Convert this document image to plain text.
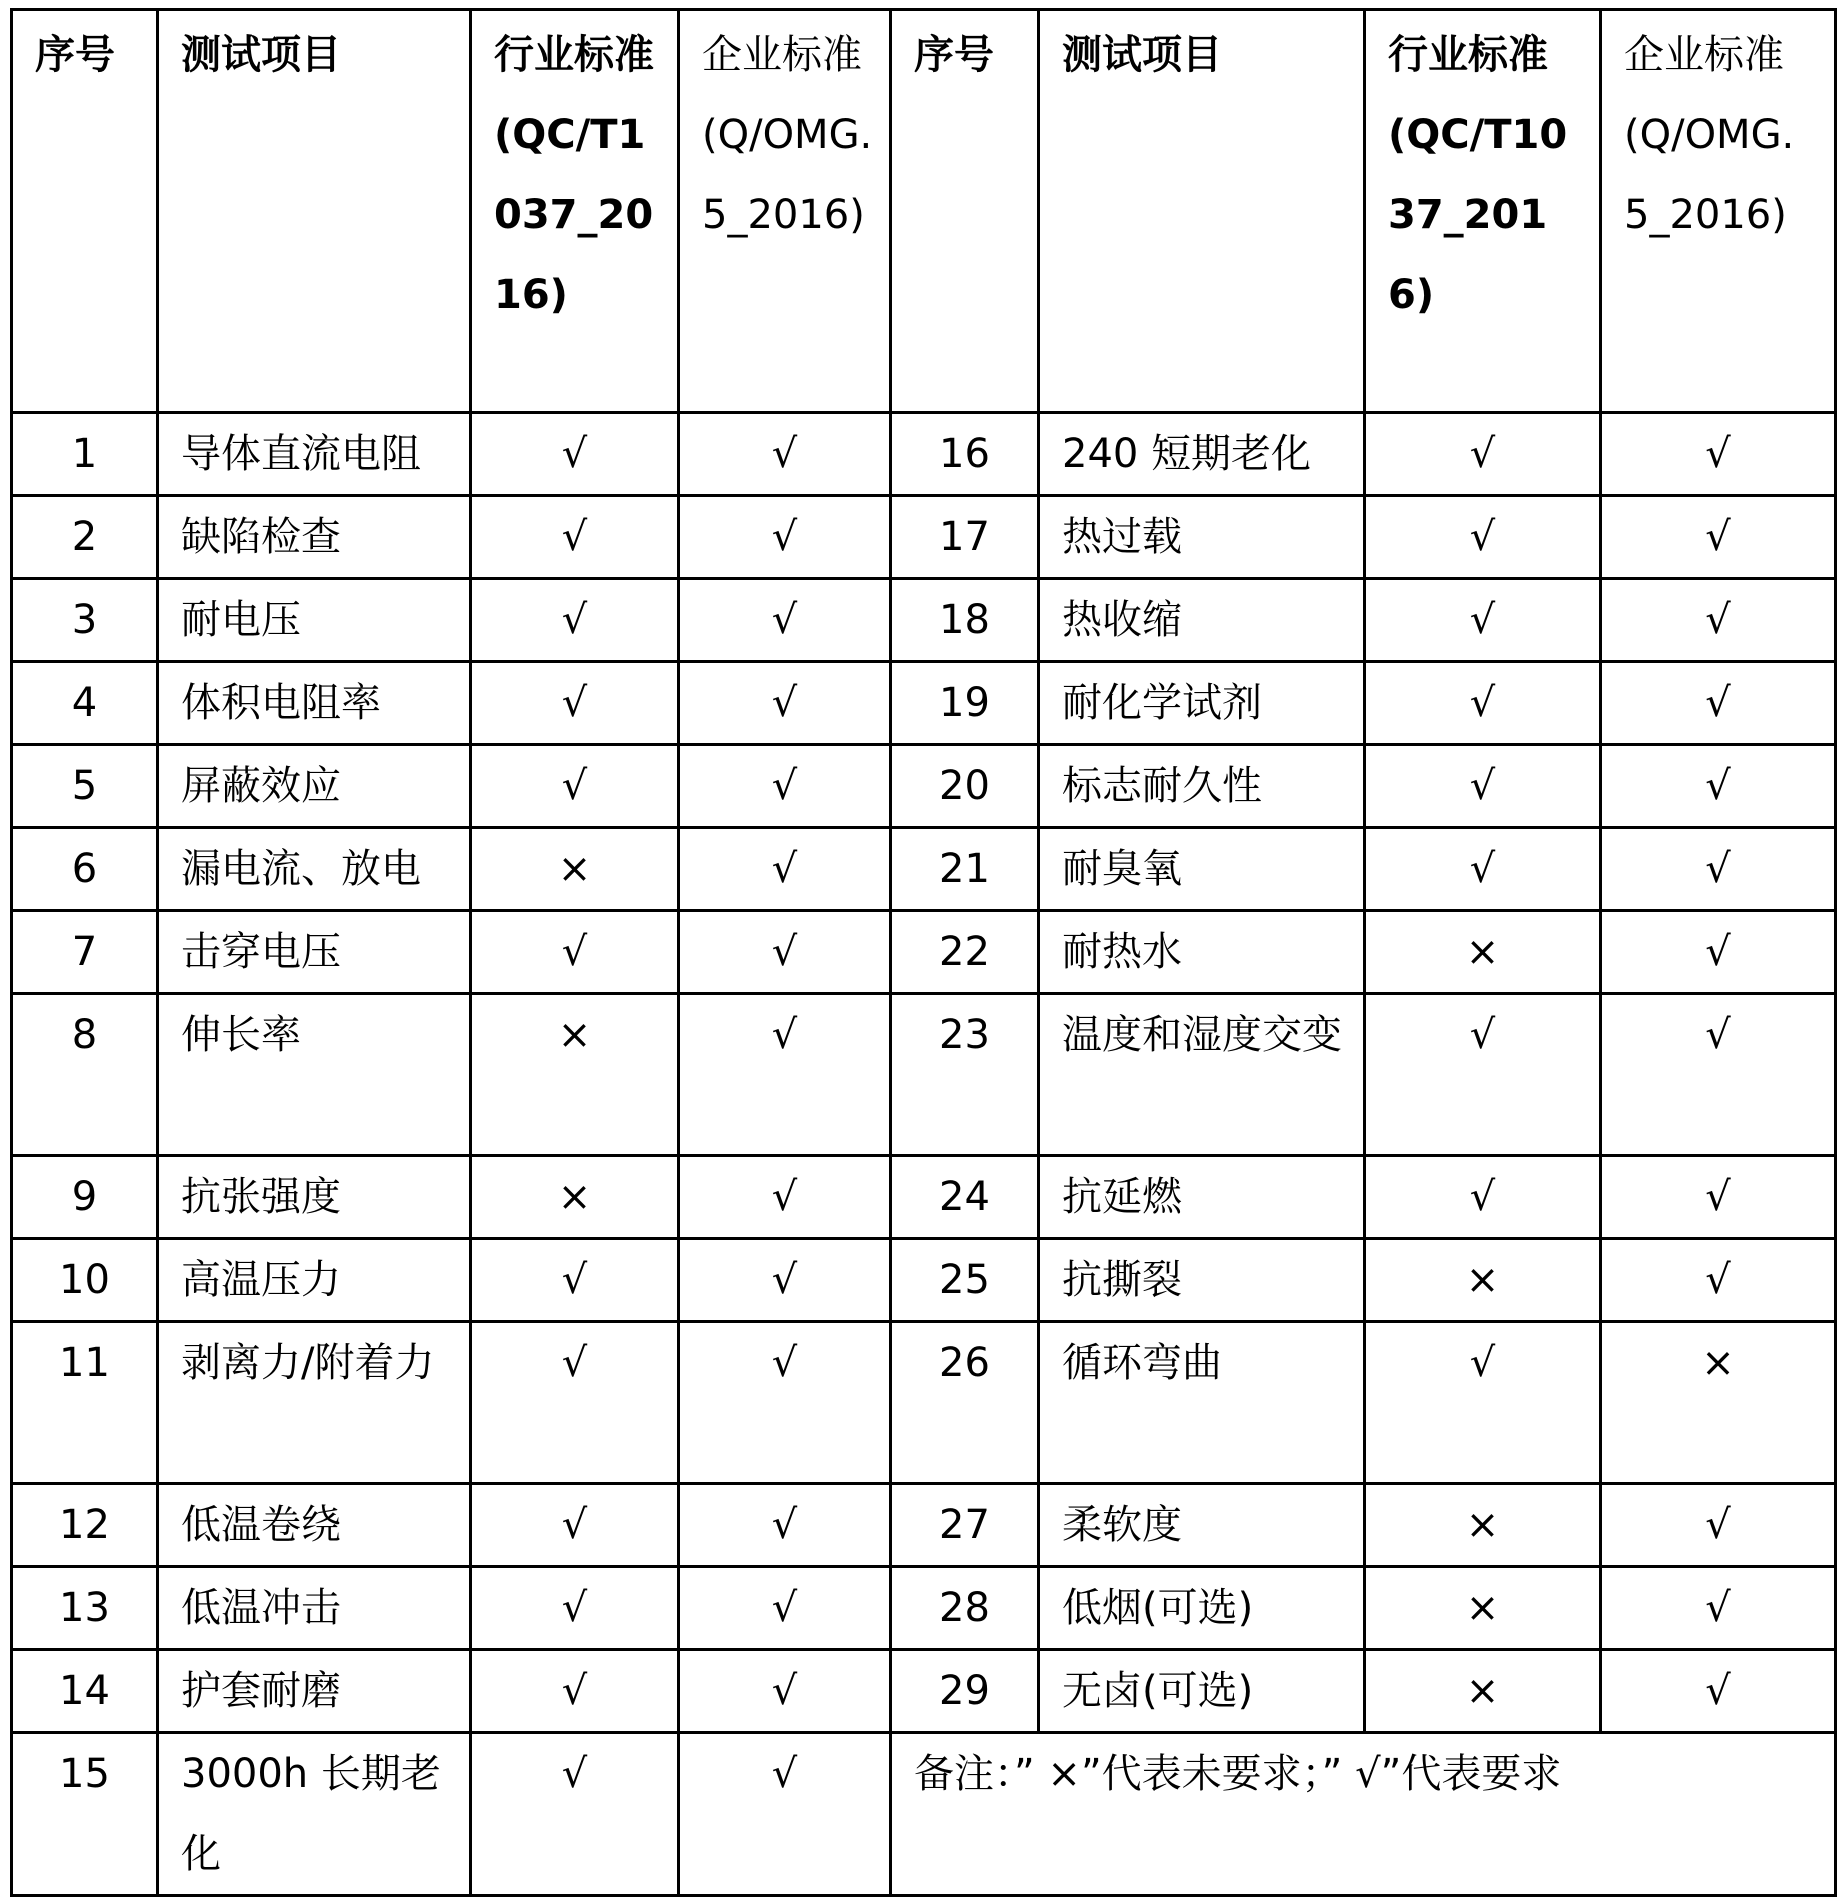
序号	测试项目	行业标准(QC/T1037_2016)	企业标准(Q/OMG.5_2016)	序号	测试项目	行业标准(QC/T1037_2016)	企业标准(Q/OMG.5_2016)
1	导体直流电阻	√	√	16	240 短期老化	√	√
2	缺陷检查	√	√	17	热过载	√	√
3	耐电压	√	√	18	热收缩	√	√
4	体积电阻率	√	√	19	耐化学试剂	√	√
5	屏蔽效应	√	√	20	标志耐久性	√	√
6	漏电流、放电	×	√	21	耐臭氧	√	√
7	击穿电压	√	√	22	耐热水	×	√
8	伸长率	×	√	23	温度和湿度交变	√	√
9	抗张强度	×	√	24	抗延燃	√	√
10	高温压力	√	√	25	抗撕裂	×	√
11	剥离力/附着力	√	√	26	循环弯曲	√	×
12	低温卷绕	√	√	27	柔软度	×	√
13	低温冲击	√	√	28	低烟(可选)	×	√
14	护套耐磨	√	√	29	无卤(可选)	×	√
15	3000h 长期老化	√	√	备注：” ×”代表未要求；” √”代表要求			
